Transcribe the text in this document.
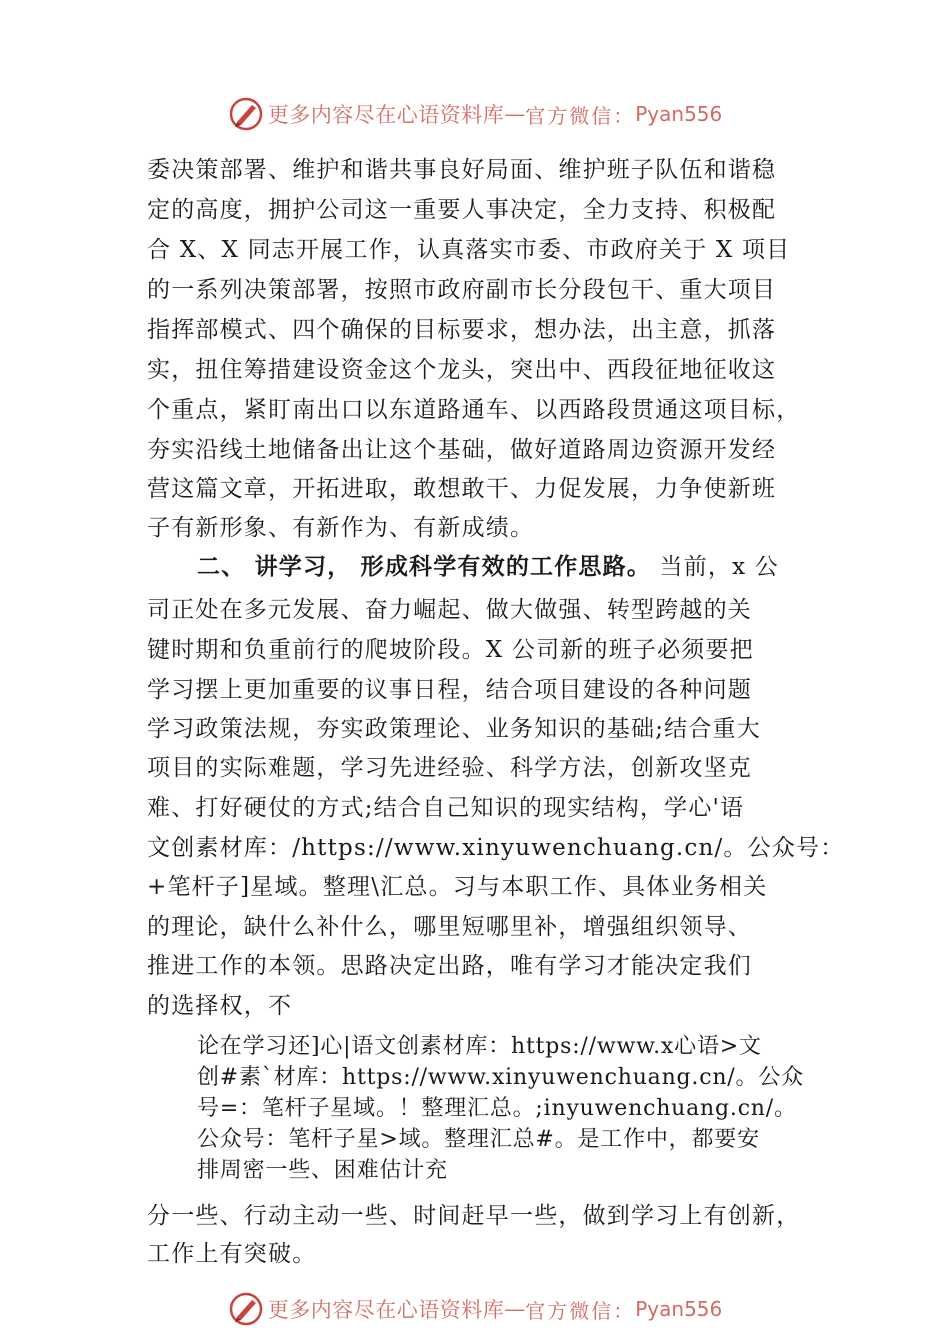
更多内容尽在心语资料库 — 官方微信： Pyan556
委决策部署、维护和谐共事良好局面、维护班子队伍和谐稳
定的高度，拥护公司这一重要人事决定，全力支持、积极配
合 X、X 同志开展工作，认真落实市委、市政府关于 X 项目
的一系列决策部署，按照市政府副市长分段包干、重大项目
指挥部模式、四个确保的目标要求，想办法，出主意，抓落
实，扭住筹措建设资金这个龙头，突出中、西段征地征收这
个重点，紧盯南出口以东道路通车、以西路段贯通这项目标，
夯实沿线土地储备出让这个基础，做好道路周边资源开发经
营这篇文章，开拓进取，敢想敢干、力促发展，力争使新班
子有新形象、有新作为、有新成绩。
二、 讲学习， 形成科学有效的工作思路。 当前，x 公
司正处在多元发展、奋力崛起、做大做强、转型跨越的关
键时期和负重前行的爬坡阶段。X 公司新的班子必须要把
学习摆上更加重要的议事日程，结合项目建设的各种问题
学习政策法规，夯实政策理论、业务知识的基础;结合重大
项目的实际难题，学习先进经验、科学方法，创新攻坚克
难、打好硬仗的方式;结合自己知识的现实结构，学心'语
文创素材库：/https://www.xinyuwenchuang.cn/。公众号：
+笔杆子]星域。整理\汇总。习与本职工作、具体业务相关
的理论，缺什么补什么，哪里短哪里补，增强组织领导、
推进工作的本领。思路决定出路，唯有学习才能决定我们
的选择权，不
论在学习还]心|语文创素材库：https://www.x心语>文
创#素`材库：https://www.xinyuwenchuang.cn/。公众
号=：笔杆子星域。！整理汇总。;inyuwenchuang.cn/。
公众号：笔杆子星>域。整理汇总#。是工作中，都要安
排周密一些、困难估计充
分一些、行动主动一些、时间赶早一些，做到学习上有创新，
工作上有突破。
更多内容尽在心语资料库 — 官方微信： Pyan556
